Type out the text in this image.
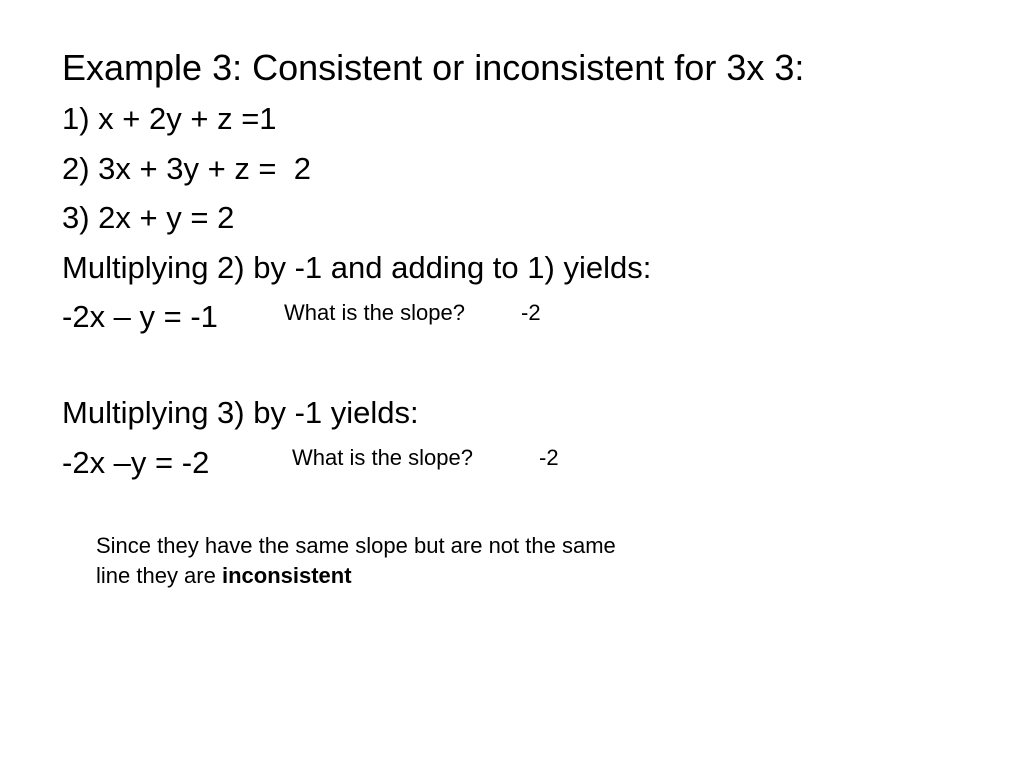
Example 3: Consistent or inconsistent for 3x 3:
1) x + 2y + z =1
2) 3x + 3y + z =  2
3) 2x + y = 2
Multiplying 2) by -1 and adding to 1) yields:
-2x – y = -1	What is the slope?	-2
Multiplying 3) by -1 yields:
-2x –y = -2	What is the slope?	-2
Since they have the same slope but are not the same
line they are inconsistent
